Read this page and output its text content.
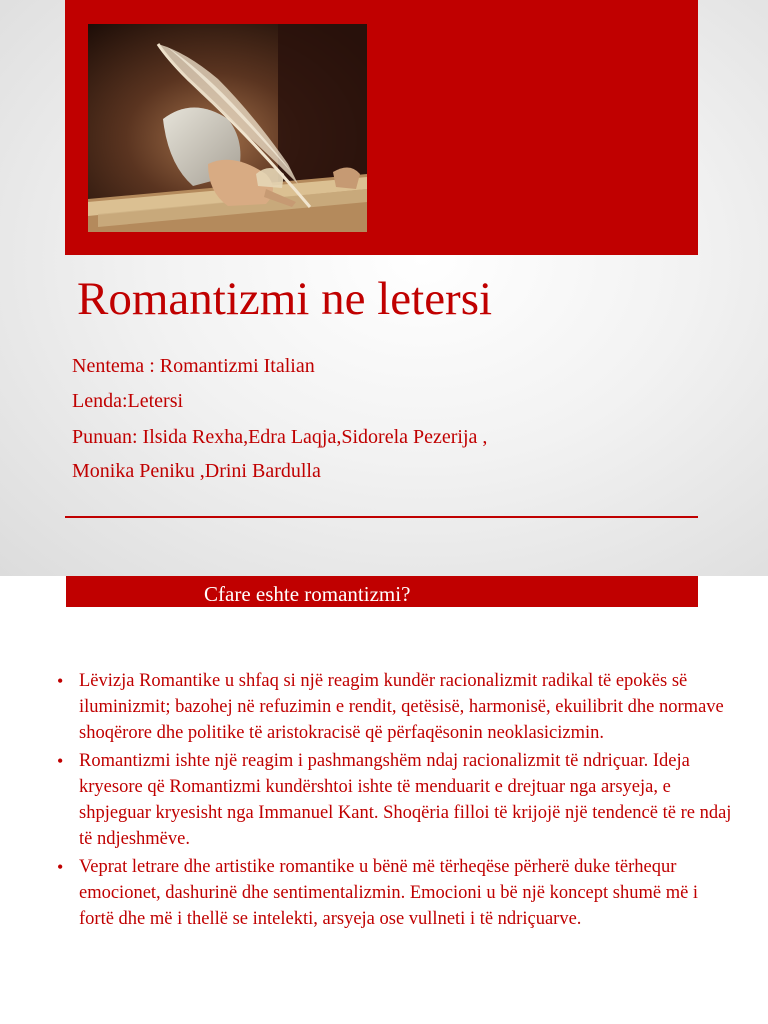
Romantizmi ne letersi
Nentema : Romantizmi Italian
Lenda:Letersi
Punuan: Ilsida Rexha,Edra Laqja,Sidorela Pezerija ,
Monika Peniku ,Drini Bardulla
Cfare eshte romantizmi?
• Lëvizja Romantike u shfaq si një reagim kundër racionalizmit radikal të epokës së iluminizmit; bazohej në refuzimin e rendit, qetësisë, harmonisë, ekuilibrit dhe normave shoqërore dhe politike të aristokracisë që përfaqësonin neoklasicizmin.
• Romantizmi ishte një reagim i pashmangshëm ndaj racionalizmit të ndriçuar. Ideja kryesore që Romantizmi kundërshtoi ishte të menduarit e drejtuar nga arsyeja, e shpjeguar kryesisht nga Immanuel Kant. Shoqëria filloi të krijojë një tendencë të re ndaj të ndjeshmëve.
• Veprat letrare dhe artistike romantike u bënë më tërheqëse përherë duke tërhequr emocionet, dashurinë dhe sentimentalizmin. Emocioni u bë një koncept shumë më i fortë dhe më i thellë se intelekti, arsyeja ose vullneti i të ndriçuarve.
